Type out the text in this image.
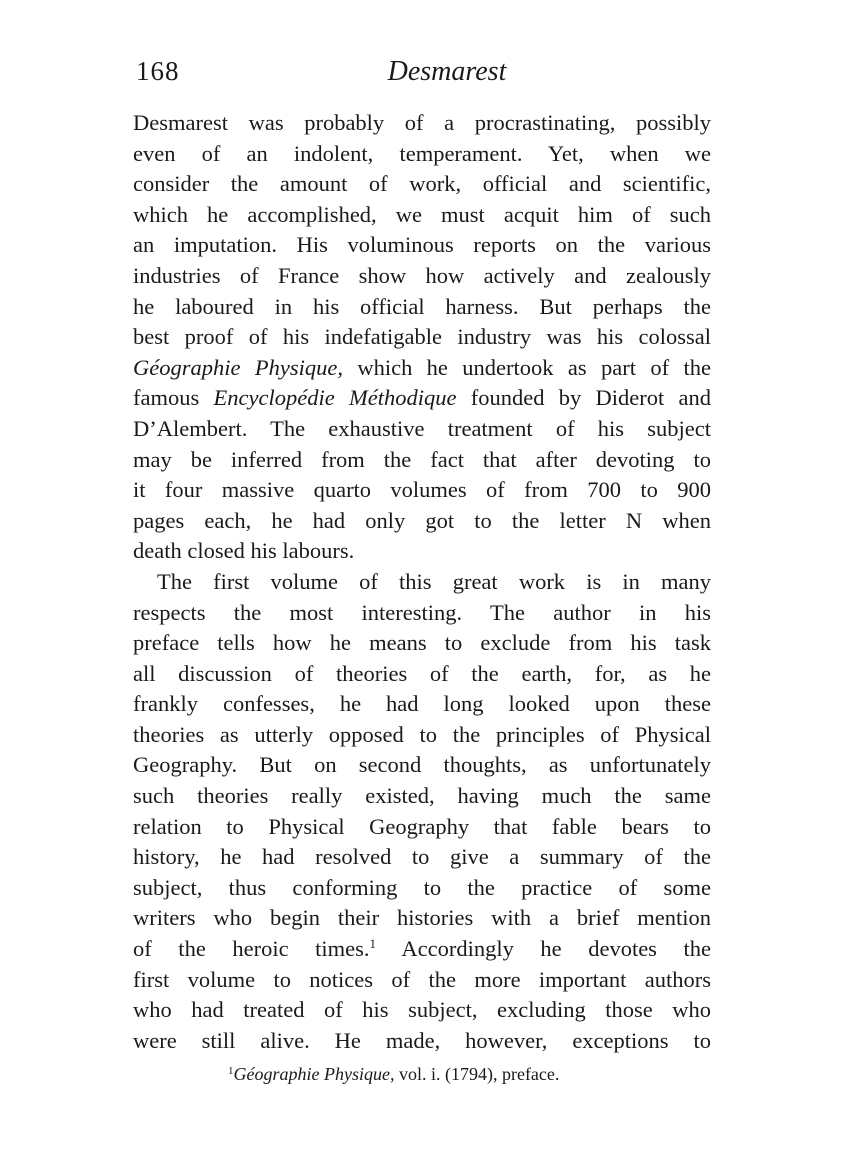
168	Desmarest
Desmarest was probably of a procrastinating, possibly
even of an indolent, temperament. Yet, when we
consider the amount of work, official and scientific,
which he accomplished, we must acquit him of such
an imputation. His voluminous reports on the various
industries of France show how actively and zealously
he laboured in his official harness. But perhaps the
best proof of his indefatigable industry was his colossal
Géographie Physique, which he undertook as part of the
famous Encyclopédie Méthodique founded by Diderot and
D’Alembert. The exhaustive treatment of his subject
may be inferred from the fact that after devoting to
it four massive quarto volumes of from 700 to 900
pages each, he had only got to the letter N when
death closed his labours.
The first volume of this great work is in many
respects the most interesting. The author in his
preface tells how he means to exclude from his task
all discussion of theories of the earth, for, as he
frankly confesses, he had long looked upon these
theories as utterly opposed to the principles of Physical
Geography. But on second thoughts, as unfortunately
such theories really existed, having much the same
relation to Physical Geography that fable bears to
history, he had resolved to give a summary of the
subject, thus conforming to the practice of some
writers who begin their histories with a brief mention
of the heroic times.$^1$ Accordingly he devotes the
first volume to notices of the more important authors
who had treated of his subject, excluding those who
were still alive. He made, however, exceptions to
$^1$Géographie Physique, vol. i. (1794), preface.
